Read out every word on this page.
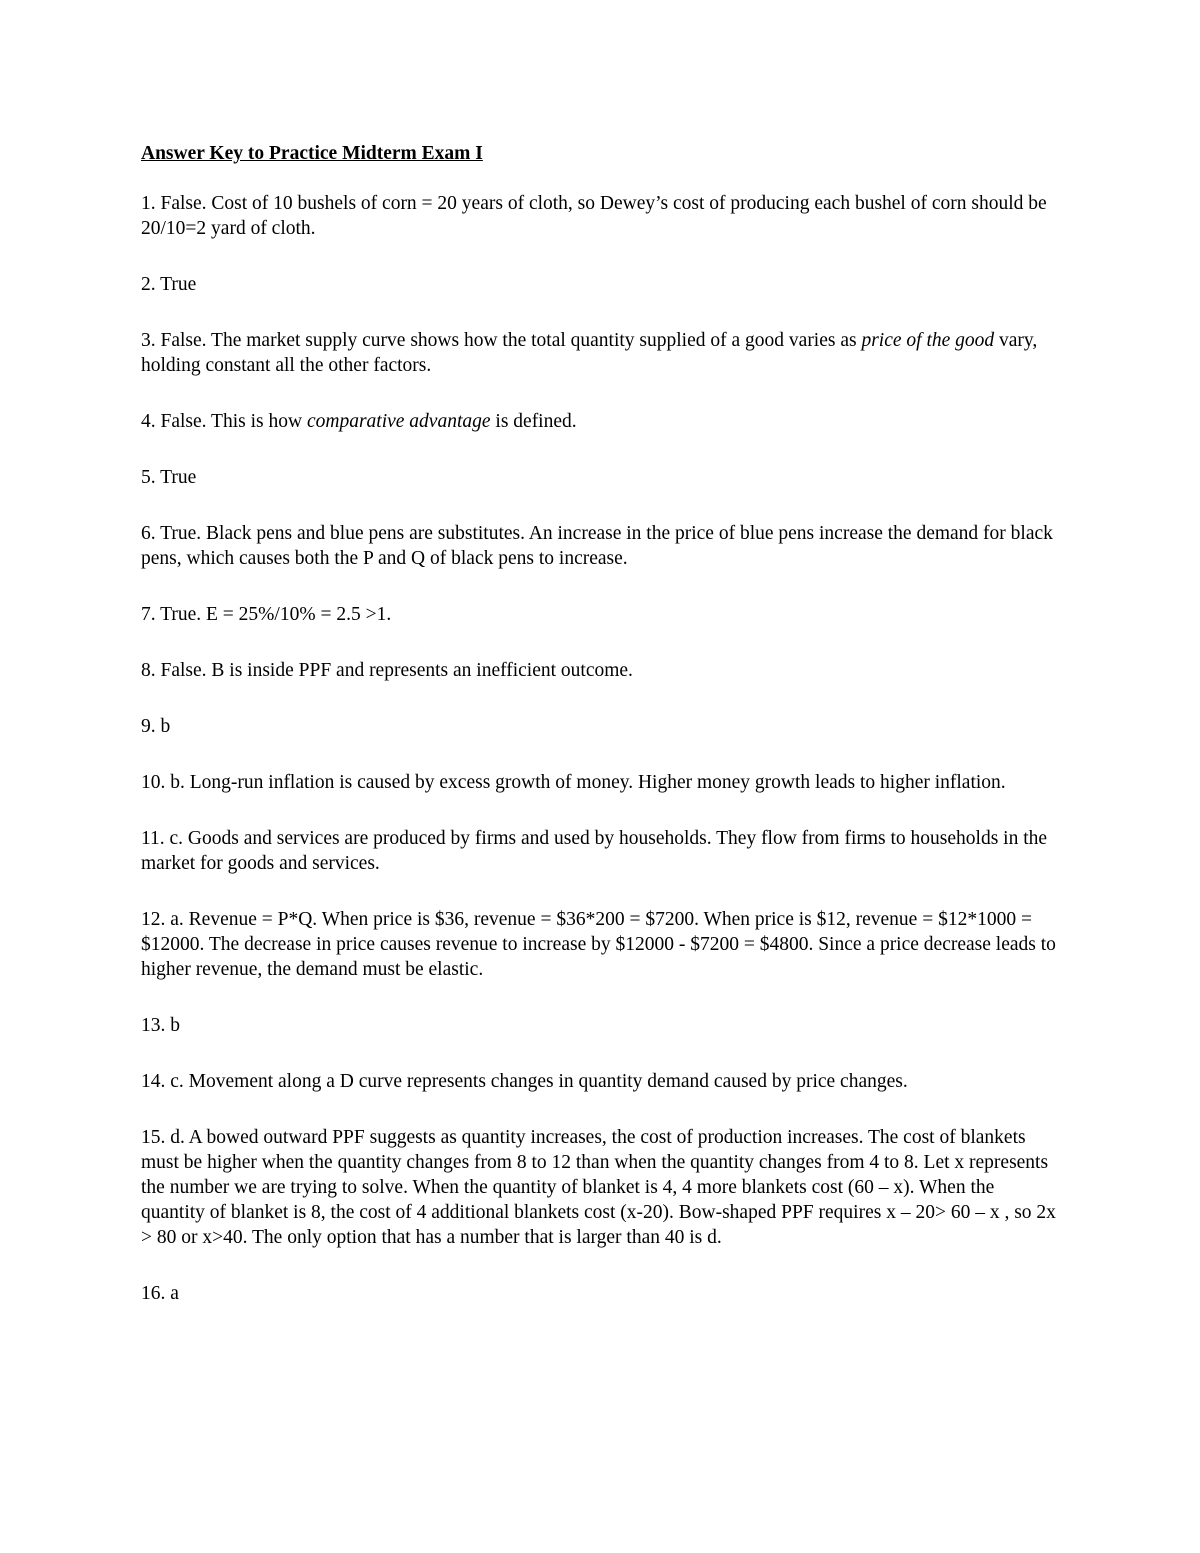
Answer Key to Practice Midterm Exam I
1. False. Cost of 10 bushels of corn = 20 years of cloth, so Dewey’s cost of producing each bushel of corn should be 20/10=2 yard of cloth.
2. True
3. False. The market supply curve shows how the total quantity supplied of a good varies as price of the good vary, holding constant all the other factors.
4. False. This is how comparative advantage is defined.
5. True
6. True. Black pens and blue pens are substitutes. An increase in the price of blue pens increase the demand for black pens, which causes both the P and Q of black pens to increase.
7. True. E = 25%/10% = 2.5 >1.
8. False. B is inside PPF and represents an inefficient outcome.
9. b
10. b. Long-run inflation is caused by excess growth of money. Higher money growth leads to higher inflation.
11. c. Goods and services are produced by firms and used by households. They flow from firms to households in the market for goods and services.
12. a. Revenue = P*Q. When price is $36, revenue = $36*200 = $7200. When price is $12, revenue = $12*1000 = $12000. The decrease in price causes revenue to increase by $12000 - $7200 = $4800. Since a price decrease leads to higher revenue, the demand must be elastic.
13. b
14. c. Movement along a D curve represents changes in quantity demand caused by price changes.
15. d. A bowed outward PPF suggests as quantity increases, the cost of production increases. The cost of blankets must be higher when the quantity changes from 8 to 12 than when the quantity changes from 4 to 8. Let x represents the number we are trying to solve. When the quantity of blanket is 4, 4 more blankets cost (60 – x). When the quantity of blanket is 8, the cost of 4 additional blankets cost (x-20). Bow-shaped PPF requires x – 20> 60 – x , so 2x > 80 or x>40. The only option that has a number that is larger than 40 is d.
16. a
